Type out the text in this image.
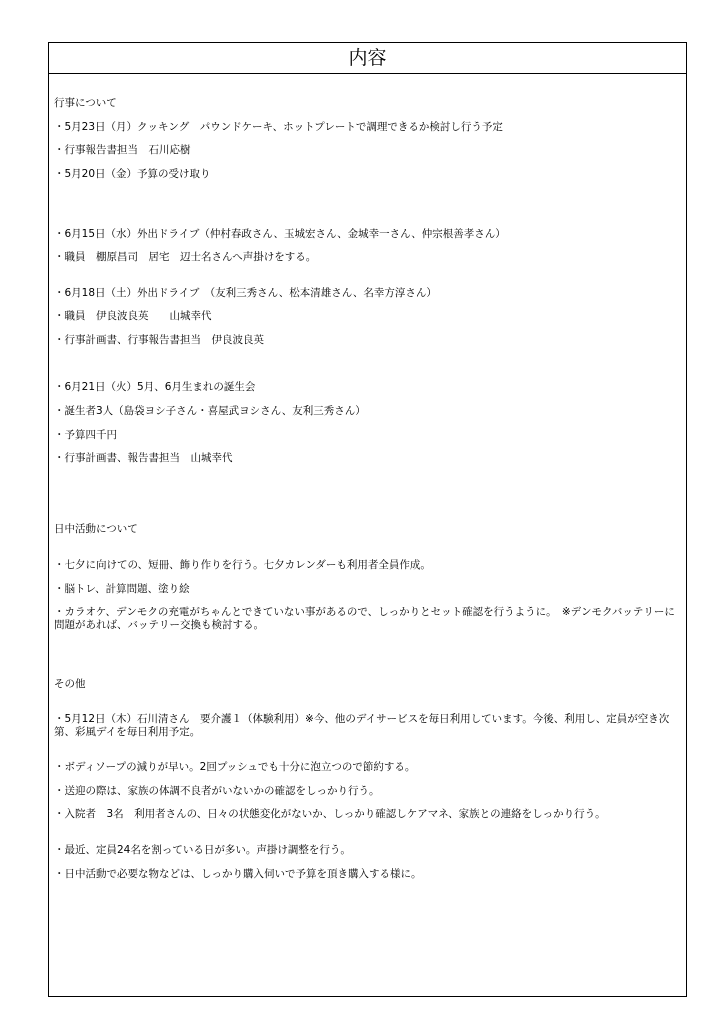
内容
行事について
・5月23日（月）クッキング　パウンドケーキ、ホットプレートで調理できるか検討し行う予定
・行事報告書担当　石川応樹
・5月20日（金）予算の受け取り
・6月15日（水）外出ドライブ（仲村春政さん、玉城宏さん、金城幸一さん、仲宗根善孝さん）
・職員　棚原昌司　居宅　辺士名さんへ声掛けをする。
・6月18日（土）外出ドライブ　（友利三秀さん、松本清雄さん、名幸方淳さん）
・職員　伊良波良英　　山城幸代
・行事計画書、行事報告書担当　伊良波良英
・6月21日（火）5月、6月生まれの誕生会
・誕生者3人（島袋ヨシ子さん・喜屋武ヨシさん、友利三秀さん）
・予算四千円
・行事計画書、報告書担当　山城幸代
日中活動について
・七夕に向けての、短冊、飾り作りを行う。七夕カレンダーも利用者全員作成。
・脳トレ、計算問題、塗り絵
・カラオケ、デンモクの充電がちゃんとできていない事があるので、しっかりとセット確認を行うように。　※デンモクバッテリーに問題があれば、バッテリー交換も検討する。
その他
・5月12日（木）石川清さん　要介護１（体験利用）※今、他のデイサービスを毎日利用しています。今後、利用し、定員が空き次第、彩風デイを毎日利用予定。
・ボディソープの減りが早い。2回プッシュでも十分に泡立つので節約する。
・送迎の際は、家族の体調不良者がいないかの確認をしっかり行う。
・入院者　3名　利用者さんの、日々の状態変化がないか、しっかり確認しケアマネ、家族との連絡をしっかり行う。
・最近、定員24名を割っている日が多い。声掛け調整を行う。
・日中活動で必要な物などは、しっかり購入伺いで予算を頂き購入する様に。
